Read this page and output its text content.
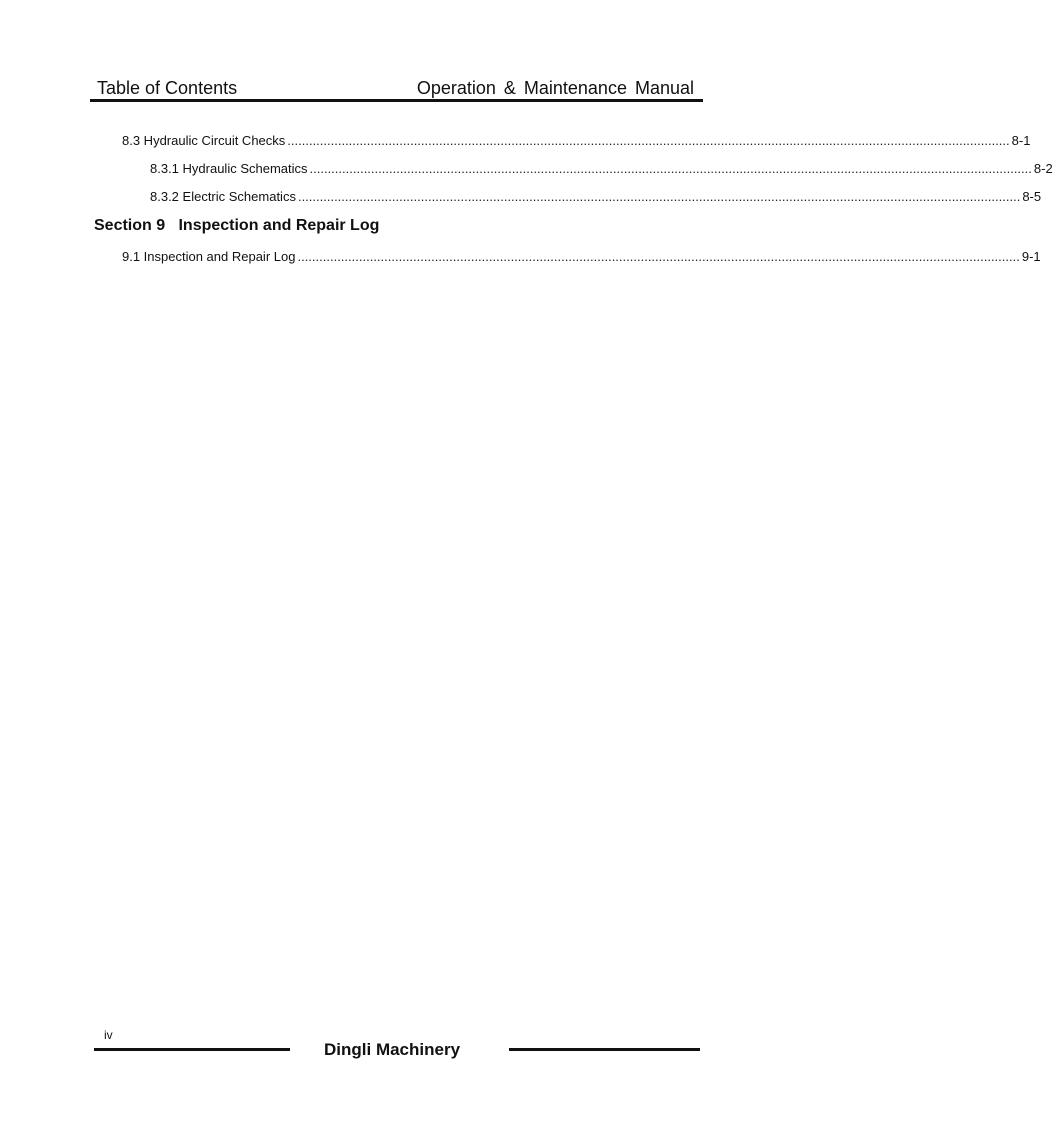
Table of Contents	Operation & Maintenance Manual
8.3 Hydraulic Circuit Checks ........................................................................................................................................................................................................ 8-1
8.3.1 Hydraulic Schematics ........................................................................................................................................................................................................ 8-2
8.3.2 Electric Schematics ........................................................................................................................................................................................................ 8-5
Section 9   Inspection and Repair Log
9.1 Inspection and Repair Log ........................................................................................................................................................................................................ 9-1
iv
Dingli Machinery
